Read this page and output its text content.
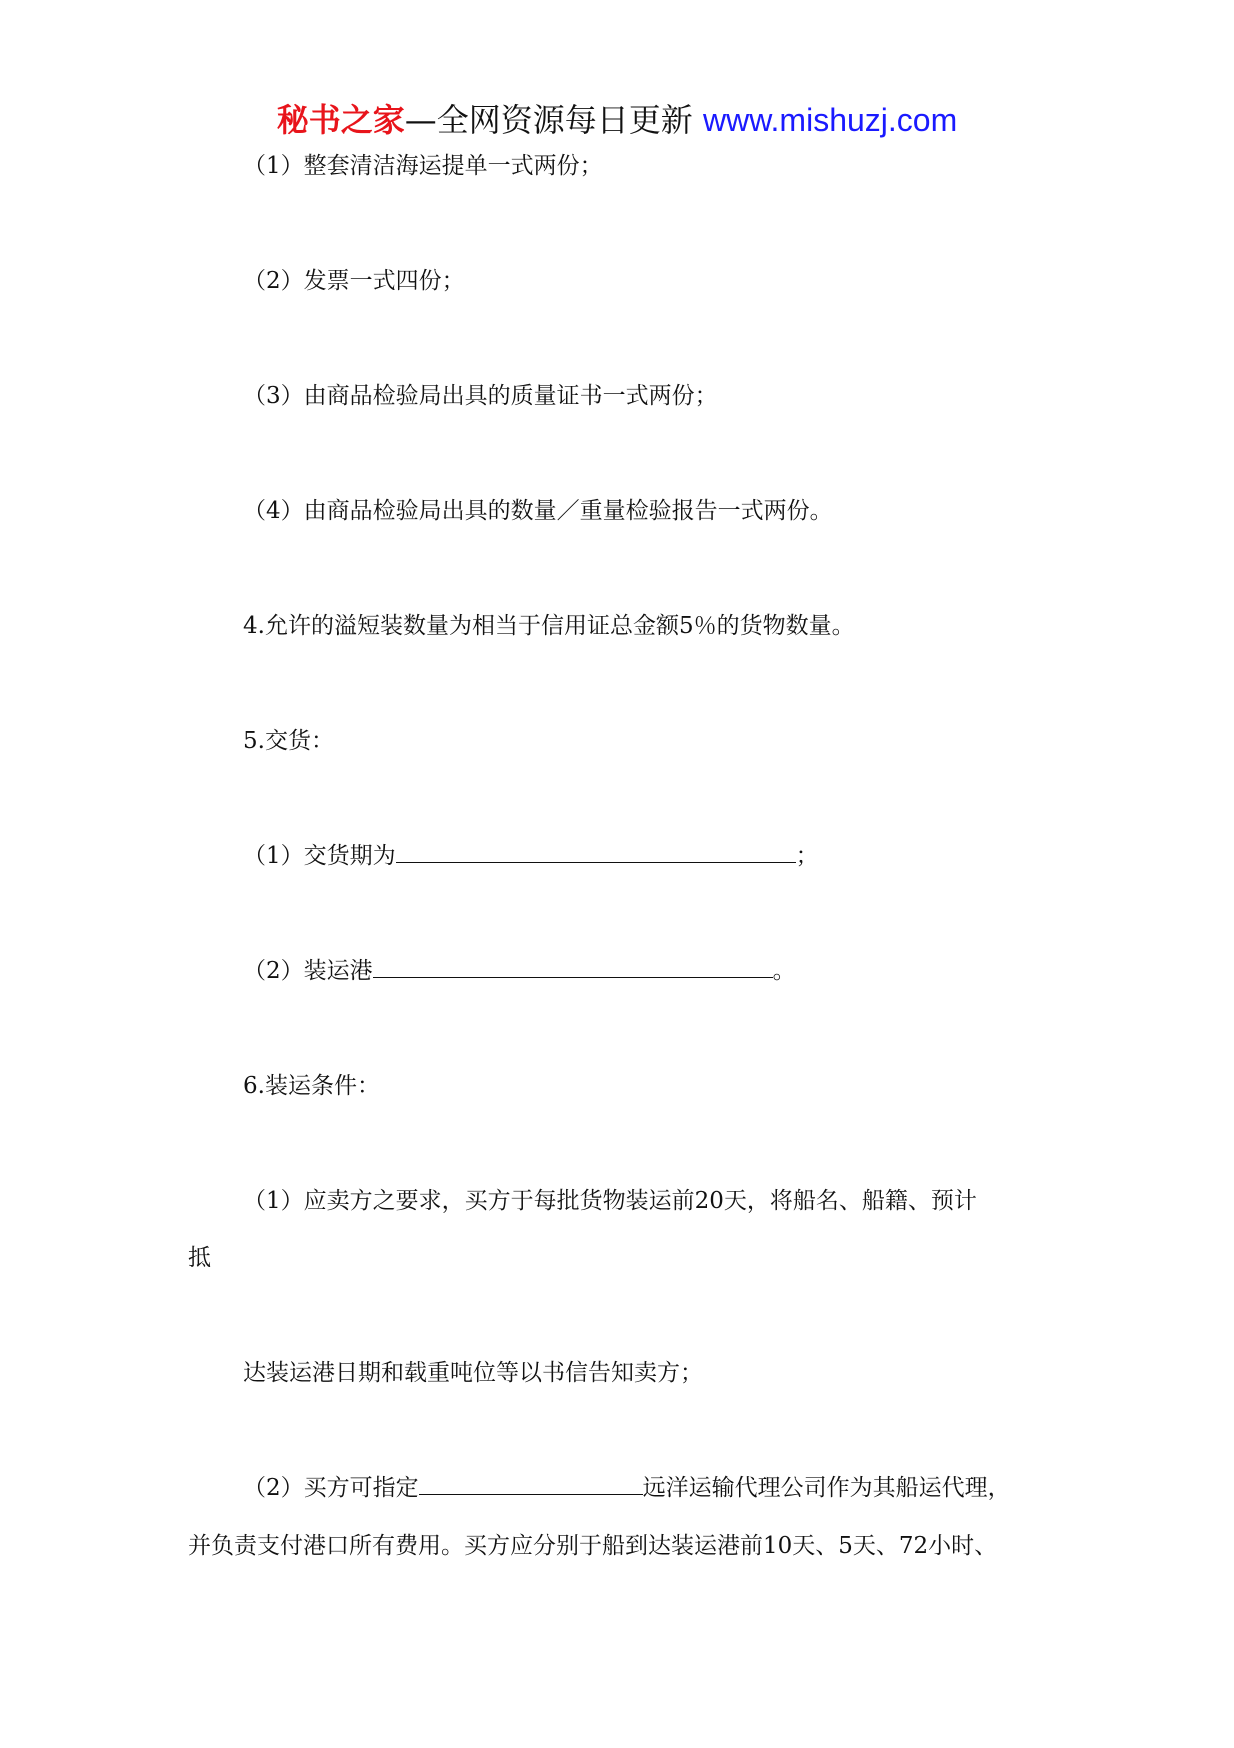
秘书之家—全网资源每日更新 www.mishuzj.com
（1）整套清洁海运提单一式两份；
（2）发票一式四份；
（3）由商品检验局出具的质量证书一式两份；
（4）由商品检验局出具的数量／重量检验报告一式两份。
4.允许的溢短装数量为相当于信用证总金额5％的货物数量。
5.交货：
（1）交货期为	；
（2）装运港	。
6.装运条件：
（1）应卖方之要求，买方于每批货物装运前20天，将船名、船籍、预计
抵
达装运港日期和载重吨位等以书信告知卖方；
（2）买方可指定	远洋运输代理公司作为其船运代理，
并负责支付港口所有费用。买方应分别于船到达装运港前10天、5天、72小时、
